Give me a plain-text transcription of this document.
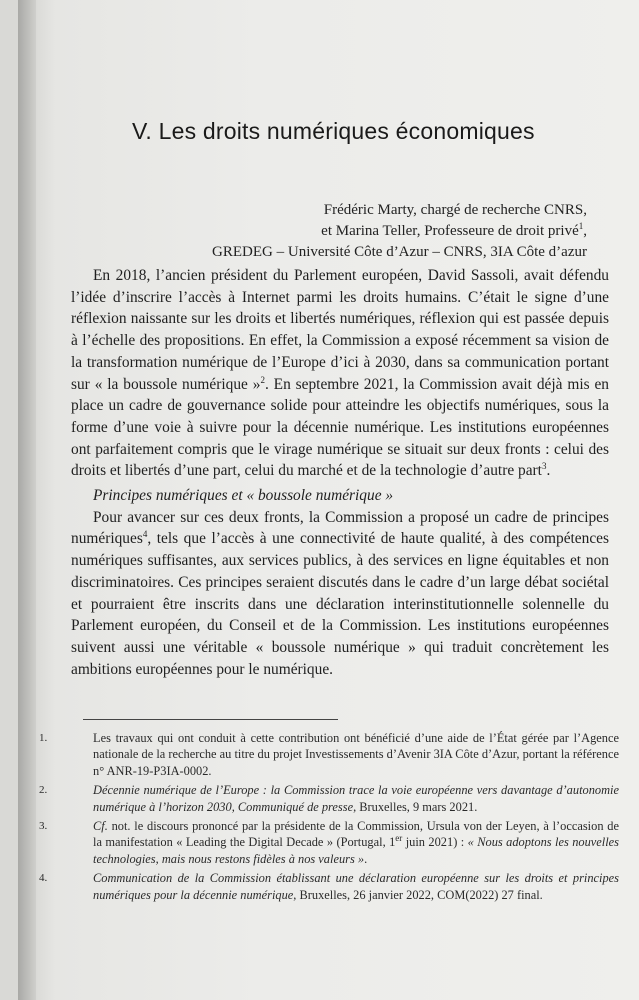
V. Les droits numériques économiques
Frédéric Marty, chargé de recherche CNRS,
et Marina Teller, Professeure de droit privé$^1$,
GREDEG – Université Côte d’Azur – CNRS, 3IA Côte d’azur

En 2018, l’ancien président du Parlement européen, David Sassoli, avait défendu l’idée d’inscrire l’accès à Internet parmi les droits humains. C’était le signe d’une réflexion naissante sur les droits et libertés numériques, réflexion qui est passée depuis à l’échelle des propositions. En effet, la Commission a exposé récemment sa vision de la transformation numérique de l’Europe d’ici à 2030, dans sa communication portant sur « la boussole numérique »$^2$. En septembre 2021, la Commission avait déjà mis en place un cadre de gouvernance solide pour atteindre les objectifs numériques, sous la forme d’une voie à suivre pour la décennie numérique. Les institutions européennes ont parfaitement compris que le virage numérique se situait sur deux fronts : celui des droits et libertés d’une part, celui du marché et de la technologie d’autre part$^3$.

Principes numériques et « boussole numérique »

Pour avancer sur ces deux fronts, la Commission a proposé un cadre de principes numériques$^4$, tels que l’accès à une connectivité de haute qualité, à des compétences numériques suffisantes, aux services publics, à des services en ligne équitables et non discriminatoires. Ces principes seraient discutés dans le cadre d’un large débat sociétal et pourraient être inscrits dans une déclaration interinstitutionnelle solennelle du Parlement européen, du Conseil et de la Commission. Les institutions européennes suivent aussi une véritable « boussole numérique » qui traduit concrètement les ambitions européennes pour le numérique.

1.	Les travaux qui ont conduit à cette contribution ont bénéficié d’une aide de l’État gérée par l’Agence nationale de la recherche au titre du projet Investissements d’Avenir 3IA Côte d’Azur, portant la référence n° ANR-19-P3IA-0002.
2.	Décennie numérique de l’Europe : la Commission trace la voie européenne vers davantage d’autonomie numérique à l’horizon 2030, Communiqué de presse, Bruxelles, 9 mars 2021.
3.	Cf. not. le discours prononcé par la présidente de la Commission, Ursula von der Leyen, à l’occasion de la manifestation « Leading the Digital Decade » (Portugal, 1er juin 2021) : « Nous adoptons les nouvelles technologies, mais nous restons fidèles à nos valeurs ».
4.	Communication de la Commission établissant une déclaration européenne sur les droits et principes numériques pour la décennie numérique, Bruxelles, 26 janvier 2022, COM(2022) 27 final.
